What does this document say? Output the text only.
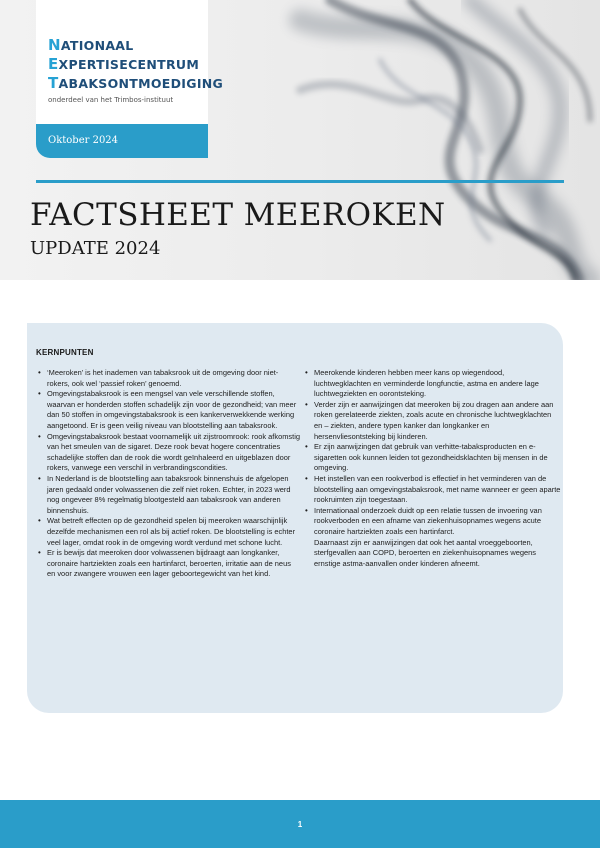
NATIONAAL
EXPERTISECENTRUM
TABAKSONTMOEDIGING
onderdeel van het Trimbos-instituut
Oktober 2024
FACTSHEET MEEROKEN
UPDATE 2024
KERNPUNTEN
• ‘Meeroken’ is het inademen van tabaksrook uit de omgeving door niet-rokers, ook wel ‘passief roken’ genoemd.
• Omgevingstabaksrook is een mengsel van vele verschillende stoffen, waarvan er honderden stoffen schadelijk zijn voor de gezondheid; van meer dan 50 stoffen in omgevingstabaksrook is een kankerverwekkende werking aangetoond. Er is geen veilig niveau van blootstelling aan tabaksrook.
• Omgevingstabaksrook bestaat voornamelijk uit zijstroomrook: rook afkomstig van het smeulen van de sigaret. Deze rook bevat hogere concentraties schadelijke stoffen dan de rook die wordt geïnhaleerd en uitgeblazen door rokers, vanwege een verschil in verbrandingscondities.
• In Nederland is de blootstelling aan tabaksrook binnenshuis de afgelopen jaren gedaald onder volwassenen die zelf niet roken. Echter, in 2023 werd nog ongeveer 8% regelmatig blootgesteld aan tabaksrook van anderen binnenshuis.
• Wat betreft effecten op de gezondheid spelen bij meeroken waarschijnlijk dezelfde mechanismen een rol als bij actief roken. De blootstelling is echter veel lager, omdat rook in de omgeving wordt verdund met schone lucht.
• Er is bewijs dat meeroken door volwassenen bijdraagt aan longkanker, coronaire hartziekten zoals een hartinfarct, beroerten, irritatie aan de neus en voor zwangere vrouwen een lager geboortegewicht van het kind.
• Meerokende kinderen hebben meer kans op wiegendood, luchtwegklachten en verminderde longfunctie, astma en andere lage luchtwegziekten en oorontsteking.
• Verder zijn er aanwijzingen dat meeroken bij zou dragen aan andere aan roken gerelateerde ziekten, zoals acute en chronische luchtwegklachten en – ziekten, andere typen kanker dan longkanker en hersenvliesontsteking bij kinderen.
• Er zijn aanwijzingen dat gebruik van verhitte-tabaksproducten en e-sigaretten ook kunnen leiden tot gezondheidsklachten bij mensen in de omgeving.
• Het instellen van een rookverbod is effectief in het verminderen van de blootstelling aan omgevingstabaksrook, met name wanneer er geen aparte rookruimten zijn toegestaan.
• Internationaal onderzoek duidt op een relatie tussen de invoering van rookverboden en een afname van ziekenhuisopnames wegens acute coronaire hartziekten zoals een hartinfarct.
Daarnaast zijn er aanwijzingen dat ook het aantal vroeggeboorten, sterfgevallen aan COPD, beroerten en ziekenhuisopnames wegens ernstige astma-aanvallen onder kinderen afneemt.
1
